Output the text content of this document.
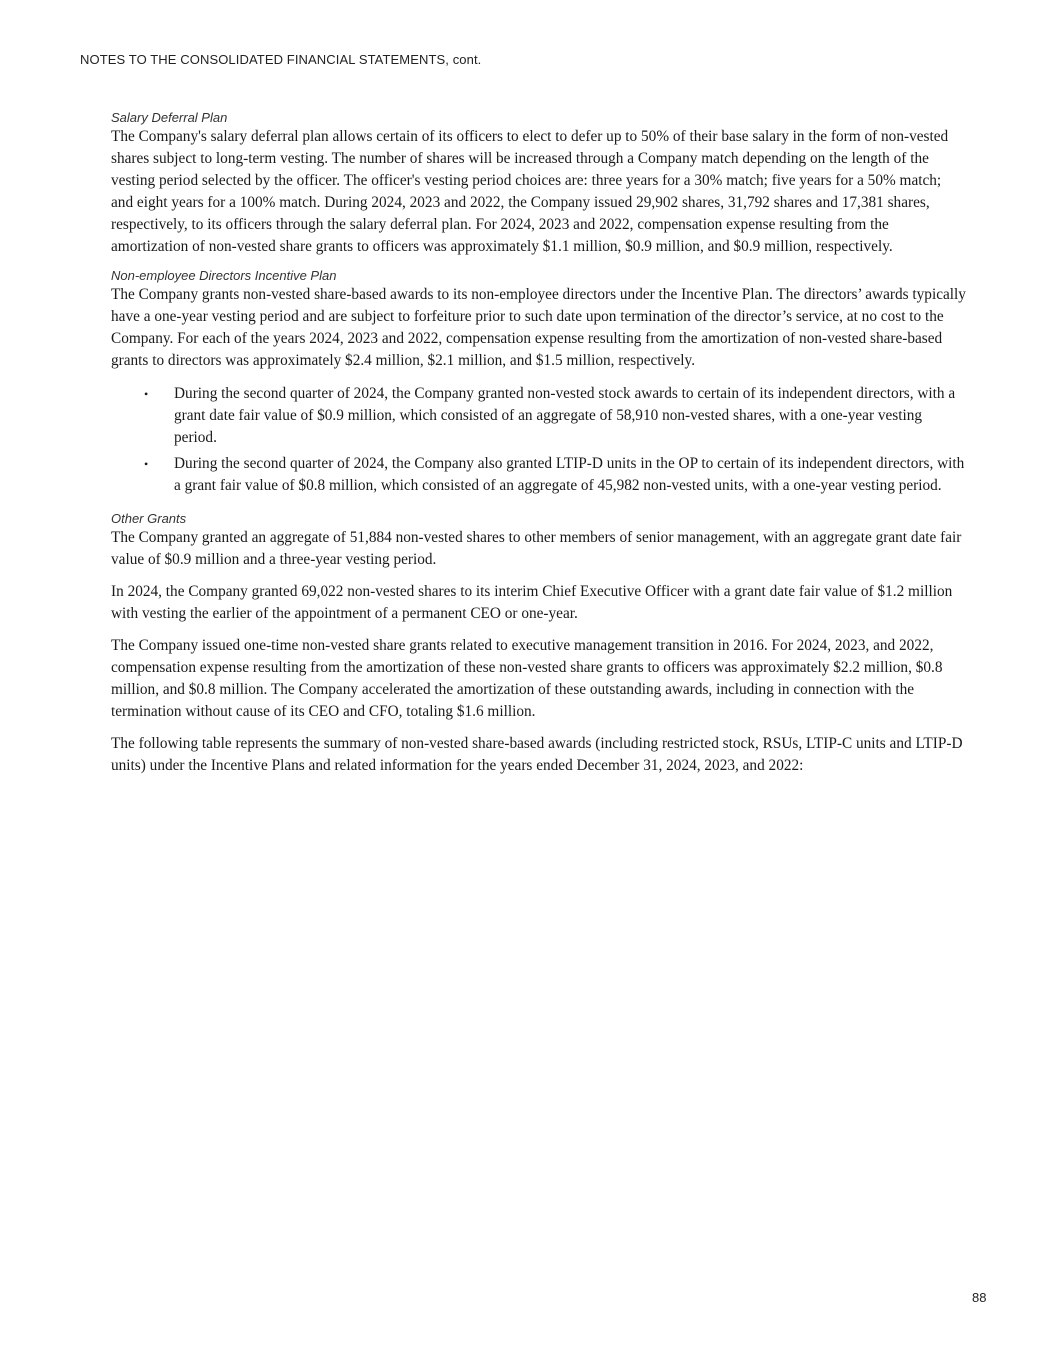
NOTES TO THE CONSOLIDATED FINANCIAL STATEMENTS, cont.

Salary Deferral Plan

The Company's salary deferral plan allows certain of its officers to elect to defer up to 50% of their base salary in the form of non-vested shares subject to long-term vesting. The number of shares will be increased through a Company match depending on the length of the vesting period selected by the officer. The officer's vesting period choices are: three years for a 30% match; five years for a 50% match; and eight years for a 100% match. During 2024, 2023 and 2022, the Company issued 29,902 shares, 31,792 shares and 17,381 shares, respectively, to its officers through the salary deferral plan. For 2024, 2023 and 2022, compensation expense resulting from the amortization of non-vested share grants to officers was approximately $1.1 million, $0.9 million, and $0.9 million, respectively.

Non-employee Directors Incentive Plan

The Company grants non-vested share-based awards to its non-employee directors under the Incentive Plan. The directors’ awards typically have a one-year vesting period and are subject to forfeiture prior to such date upon termination of the director’s service, at no cost to the Company. For each of the years 2024, 2023 and 2022, compensation expense resulting from the amortization of non-vested share-based grants to directors was approximately $2.4 million, $2.1 million, and $1.5 million, respectively.

• During the second quarter of 2024, the Company granted non-vested stock awards to certain of its independent directors, with a grant date fair value of $0.9 million, which consisted of an aggregate of 58,910 non-vested shares, with a one-year vesting period.
• During the second quarter of 2024, the Company also granted LTIP-D units in the OP to certain of its independent directors, with a grant fair value of $0.8 million, which consisted of an aggregate of 45,982 non-vested units, with a one-year vesting period.

Other Grants

The Company granted an aggregate of 51,884 non-vested shares to other members of senior management, with an aggregate grant date fair value of $0.9 million and a three-year vesting period.

In 2024, the Company granted 69,022 non-vested shares to its interim Chief Executive Officer with a grant date fair value of $1.2 million with vesting the earlier of the appointment of a permanent CEO or one-year.

The Company issued one-time non-vested share grants related to executive management transition in 2016. For 2024, 2023, and 2022, compensation expense resulting from the amortization of these non-vested share grants to officers was approximately $2.2 million, $0.8 million, and $0.8 million. The Company accelerated the amortization of these outstanding awards, including in connection with the termination without cause of its CEO and CFO, totaling $1.6 million.

The following table represents the summary of non-vested share-based awards (including restricted stock, RSUs, LTIP-C units and LTIP-D units) under the Incentive Plans and related information for the years ended December 31, 2024, 2023, and 2022:

88
